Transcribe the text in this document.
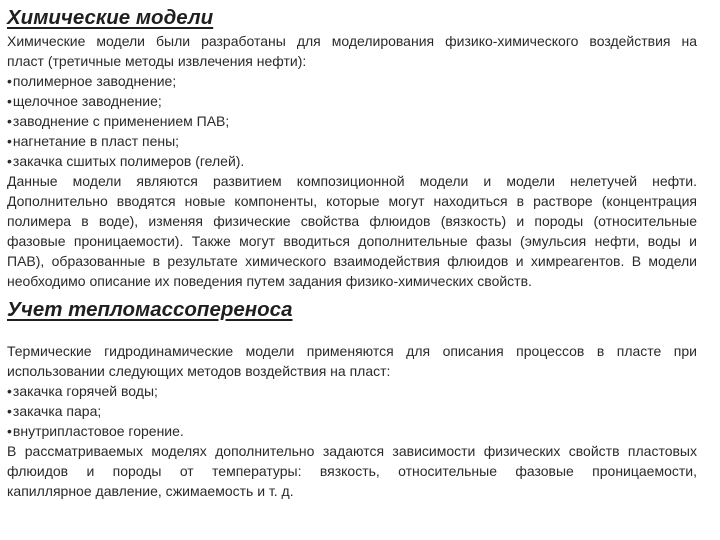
Химические модели
Химические модели были разработаны для моделирования физико-химического воздействия на
пласт (третичные методы извлечения нефти):
•полимерное заводнение;
•щелочное заводнение;
•заводнение с применением ПАВ;
•нагнетание в пласт пены;
•закачка сшитых полимеров (гелей).
Данные модели являются развитием композиционной модели и модели нелетучей нефти.
Дополнительно вводятся новые компоненты, которые могут находиться в растворе (концентрация
полимера в воде), изменяя физические свойства флюидов (вязкость) и породы (относительные
фазовые проницаемости). Также могут вводиться дополнительные фазы (эмульсия нефти, воды и
ПАВ), образованные в результате химического взаимодействия флюидов и химреагентов. В модели
необходимо описание их поведения путем задания физико-химических свойств.
Учет тепломассопереноса
Термические гидродинамические модели применяются для описания процессов в пласте при
использовании следующих методов воздействия на пласт:
•закачка горячей воды;
•закачка пара;
•внутрипластовое горение.
В рассматриваемых моделях дополнительно задаются зависимости физических свойств пластовых
флюидов и породы от температуры: вязкость, относительные фазовые проницаемости,
капиллярное давление, сжимаемость и т. д.
